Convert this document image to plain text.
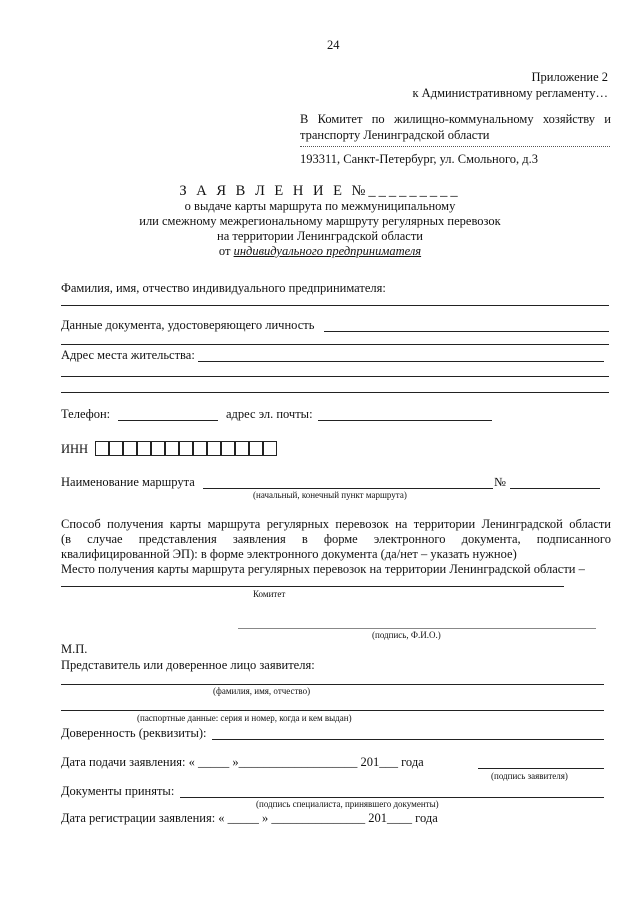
24
Приложение 2
к Административному регламенту…
В Комитет по жилищно-коммунальному хозяйству и
транспорту Ленинградской области
193311, Санкт-Петербург, ул. Смольного, д.3
З А Я В Л Е Н И Е №_________
о выдаче карты маршрута по межмуниципальному
или смежному межрегиональному маршруту регулярных перевозок
на территории Ленинградской области
от индивидуального предпринимателя
Фамилия, имя, отчество индивидуального предпринимателя:
Данные документа, удостоверяющего личность
Адрес места жительства:
Телефон:	адрес эл. почты:
ИНН
Наименование маршрута	№
(начальный, конечный пункт маршрута)
Способ получения карты маршрута регулярных перевозок на территории Ленинградской области
(в случае представления заявления в форме электронного документа, подписанного
квалифицированной ЭП): в форме электронного документа (да/нет – указать нужное)
Место получения карты маршрута регулярных перевозок на территории Ленинградской области –
Комитет
(подпись, Ф.И.О.)
М.П.
Представитель или доверенное лицо заявителя:
(фамилия, имя, отчество)
(паспортные данные: серия и номер, когда и кем выдан)
Доверенность (реквизиты):
Дата подачи заявления: « _____ »___________________ 201___ года
(подпись заявителя)
Документы приняты:
(подпись специалиста, принявшего документы)
Дата регистрации заявления: « _____ » _______________ 201____ года
